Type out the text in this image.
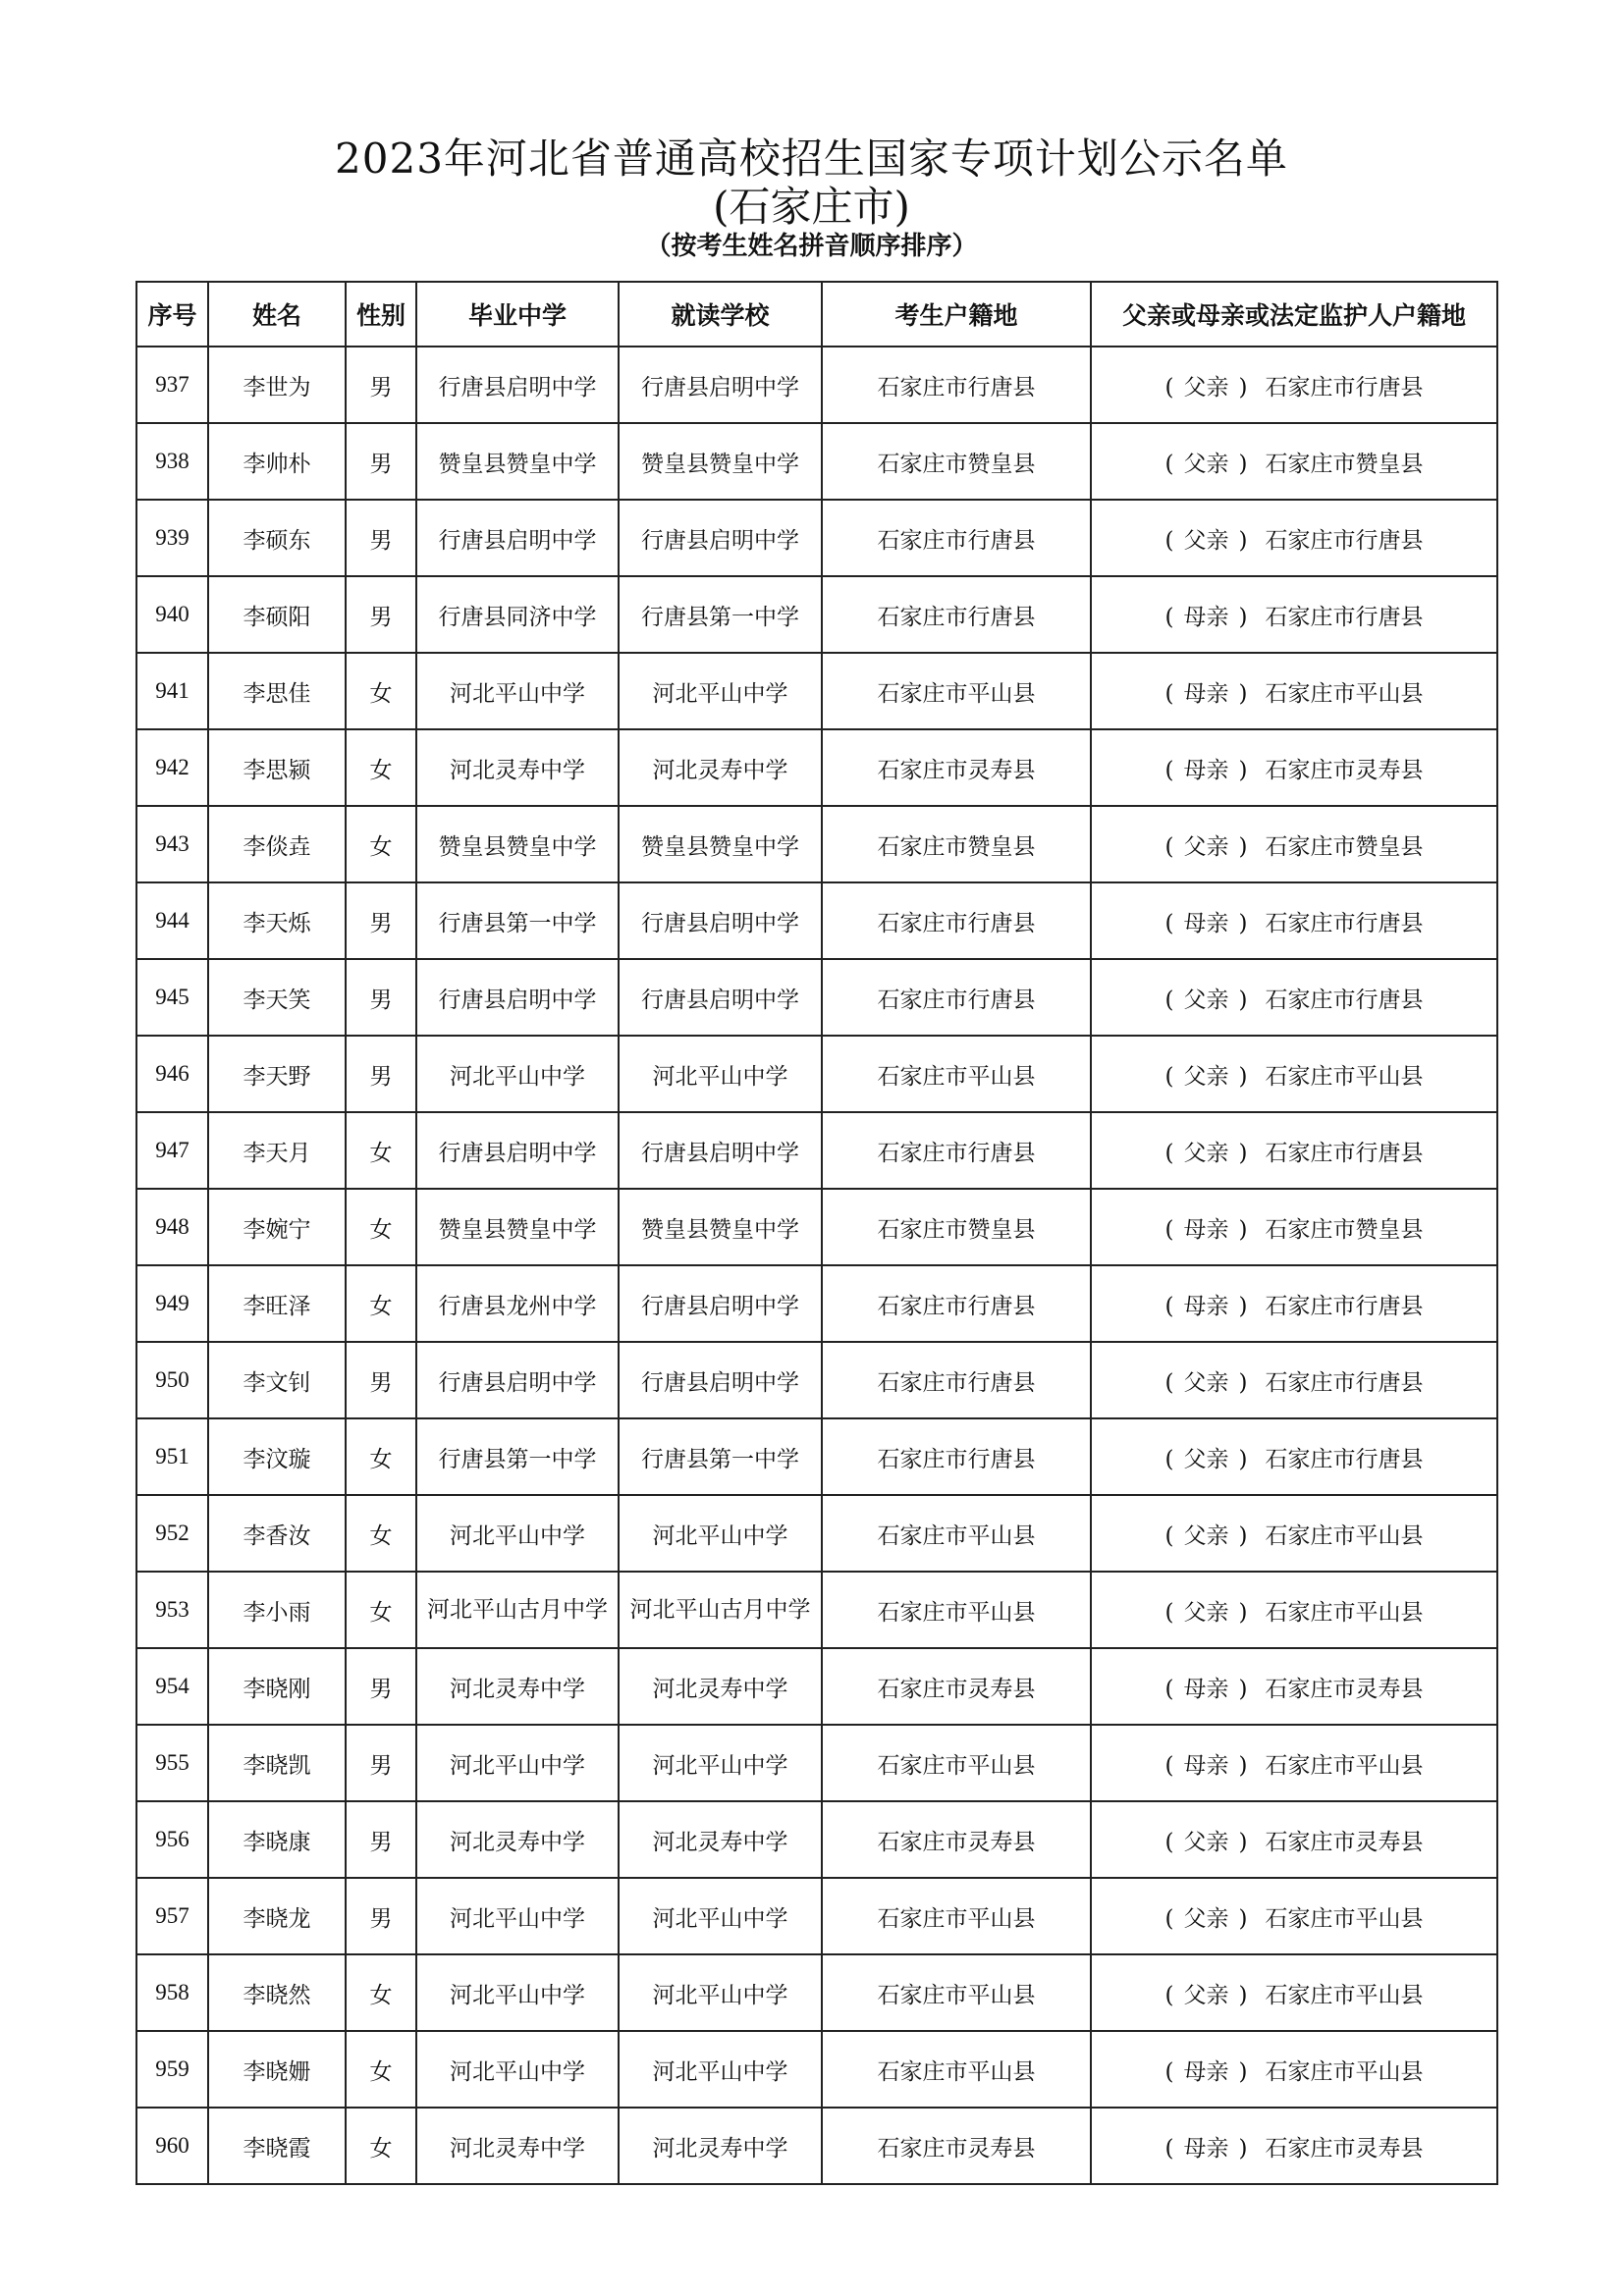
2023年河北省普通高校招生国家专项计划公示名单
(石家庄市)
（按考生姓名拼音顺序排序）
序号	姓名	性别	毕业中学	就读学校	考生户籍地	父亲或母亲或法定监护人户籍地
937	李世为	男	行唐县启明中学	行唐县启明中学	石家庄市行唐县	( 父亲 ) 石家庄市行唐县
938	李帅朴	男	赞皇县赞皇中学	赞皇县赞皇中学	石家庄市赞皇县	( 父亲 ) 石家庄市赞皇县
939	李硕东	男	行唐县启明中学	行唐县启明中学	石家庄市行唐县	( 父亲 ) 石家庄市行唐县
940	李硕阳	男	行唐县同济中学	行唐县第一中学	石家庄市行唐县	( 母亲 ) 石家庄市行唐县
941	李思佳	女	河北平山中学	河北平山中学	石家庄市平山县	( 母亲 ) 石家庄市平山县
942	李思颍	女	河北灵寿中学	河北灵寿中学	石家庄市灵寿县	( 母亲 ) 石家庄市灵寿县
943	李倓垚	女	赞皇县赞皇中学	赞皇县赞皇中学	石家庄市赞皇县	( 父亲 ) 石家庄市赞皇县
944	李天烁	男	行唐县第一中学	行唐县启明中学	石家庄市行唐县	( 母亲 ) 石家庄市行唐县
945	李天笑	男	行唐县启明中学	行唐县启明中学	石家庄市行唐县	( 父亲 ) 石家庄市行唐县
946	李天野	男	河北平山中学	河北平山中学	石家庄市平山县	( 父亲 ) 石家庄市平山县
947	李天月	女	行唐县启明中学	行唐县启明中学	石家庄市行唐县	( 父亲 ) 石家庄市行唐县
948	李婉宁	女	赞皇县赞皇中学	赞皇县赞皇中学	石家庄市赞皇县	( 母亲 ) 石家庄市赞皇县
949	李旺泽	女	行唐县龙州中学	行唐县启明中学	石家庄市行唐县	( 母亲 ) 石家庄市行唐县
950	李文钊	男	行唐县启明中学	行唐县启明中学	石家庄市行唐县	( 父亲 ) 石家庄市行唐县
951	李汶璇	女	行唐县第一中学	行唐县第一中学	石家庄市行唐县	( 父亲 ) 石家庄市行唐县
952	李香汝	女	河北平山中学	河北平山中学	石家庄市平山县	( 父亲 ) 石家庄市平山县
953	李小雨	女	河北平山古月中学	河北平山古月中学	石家庄市平山县	( 父亲 ) 石家庄市平山县
954	李晓刚	男	河北灵寿中学	河北灵寿中学	石家庄市灵寿县	( 母亲 ) 石家庄市灵寿县
955	李晓凯	男	河北平山中学	河北平山中学	石家庄市平山县	( 母亲 ) 石家庄市平山县
956	李晓康	男	河北灵寿中学	河北灵寿中学	石家庄市灵寿县	( 父亲 ) 石家庄市灵寿县
957	李晓龙	男	河北平山中学	河北平山中学	石家庄市平山县	( 父亲 ) 石家庄市平山县
958	李晓然	女	河北平山中学	河北平山中学	石家庄市平山县	( 父亲 ) 石家庄市平山县
959	李晓姗	女	河北平山中学	河北平山中学	石家庄市平山县	( 母亲 ) 石家庄市平山县
960	李晓霞	女	河北灵寿中学	河北灵寿中学	石家庄市灵寿县	( 母亲 ) 石家庄市灵寿县
